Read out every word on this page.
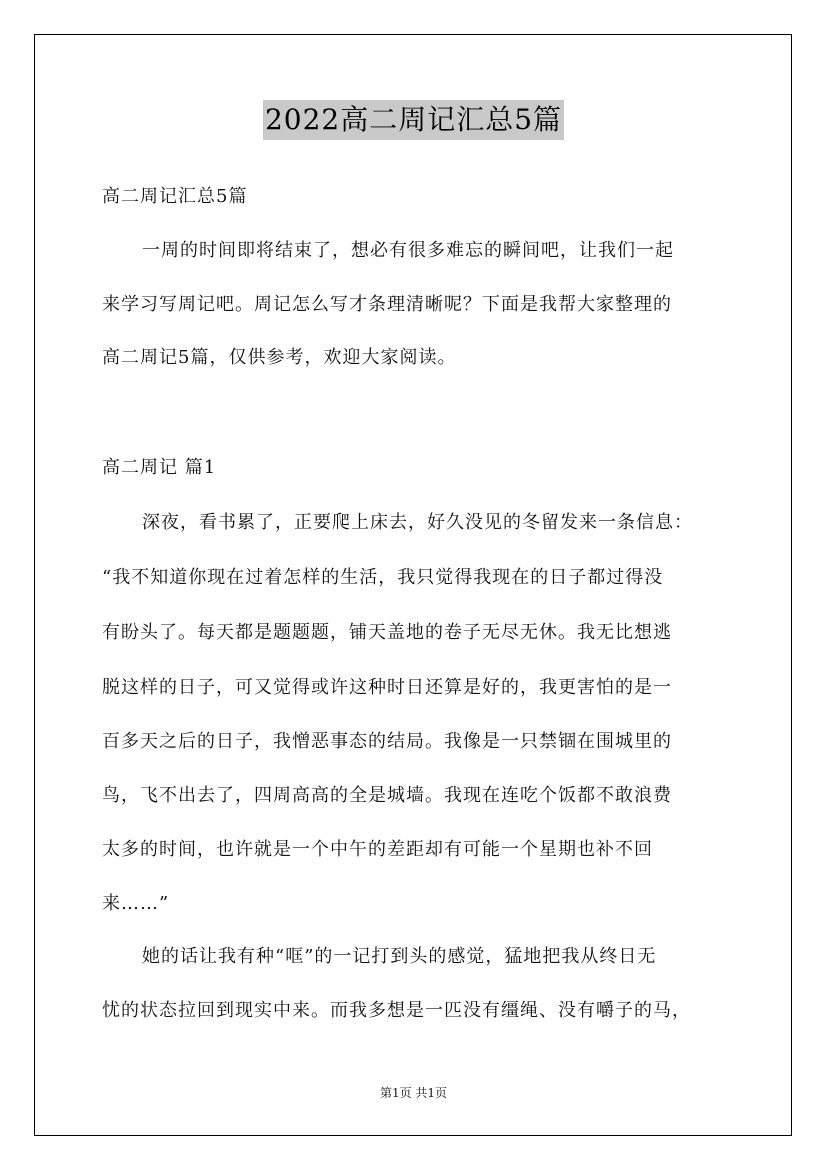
2022高二周记汇总5篇
高二周记汇总5篇
一周的时间即将结束了，想必有很多难忘的瞬间吧，让我们一起
来学习写周记吧。周记怎么写才条理清晰呢？下面是我帮大家整理的
高二周记5篇，仅供参考，欢迎大家阅读。
高二周记 篇1
深夜，看书累了，正要爬上床去，好久没见的冬留发来一条信息：
“我不知道你现在过着怎样的生活，我只觉得我现在的日子都过得没
有盼头了。每天都是题题题，铺天盖地的卷子无尽无休。我无比想逃
脱这样的日子，可又觉得或许这种时日还算是好的，我更害怕的是一
百多天之后的日子，我憎恶事态的结局。我像是一只禁锢在围城里的
鸟，飞不出去了，四周高高的全是城墙。我现在连吃个饭都不敢浪费
太多的时间，也许就是一个中午的差距却有可能一个星期也补不回
来……”
她的话让我有种“哐”的一记打到头的感觉，猛地把我从终日无
忧的状态拉回到现实中来。而我多想是一匹没有缰绳、没有嚼子的马，
第1页 共1页
